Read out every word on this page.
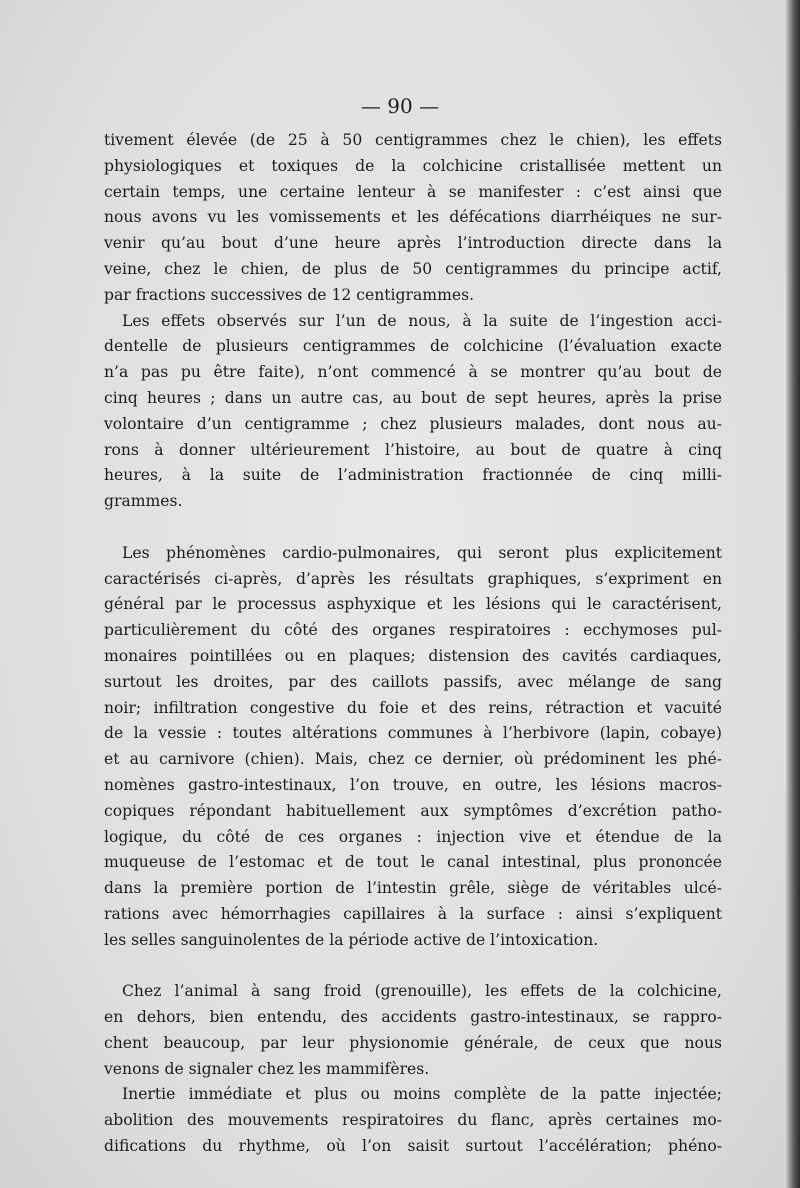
— 90 —
tivement élevée (de 25 à 50 centigrammes chez le chien), les effets
physiologiques et toxiques de la colchicine cristallisée mettent un
certain temps, une certaine lenteur à se manifester : c’est ainsi que
nous avons vu les vomissements et les défécations diarrhéiques ne sur-
venir qu’au bout d’une heure après l’introduction directe dans la
veine, chez le chien, de plus de 50 centigrammes du principe actif,
par fractions successives de 12 centigrammes.
Les effets observés sur l’un de nous, à la suite de l’ingestion acci-
dentelle de plusieurs centigrammes de colchicine (l’évaluation exacte
n’a pas pu être faite), n’ont commencé à se montrer qu’au bout de
cinq heures ; dans un autre cas, au bout de sept heures, après la prise
volontaire d’un centigramme ; chez plusieurs malades, dont nous au-
rons à donner ultérieurement l’histoire, au bout de quatre à cinq
heures, à la suite de l’administration fractionnée de cinq milli-
grammes.
Les phénomènes cardio-pulmonaires, qui seront plus explicitement
caractérisés ci-après, d’après les résultats graphiques, s’expriment en
général par le processus asphyxique et les lésions qui le caractérisent,
particulièrement du côté des organes respiratoires : ecchymoses pul-
monaires pointillées ou en plaques; distension des cavités cardiaques,
surtout les droites, par des caillots passifs, avec mélange de sang
noir; infiltration congestive du foie et des reins, rétraction et vacuité
de la vessie : toutes altérations communes à l’herbivore (lapin, cobaye)
et au carnivore (chien). Mais, chez ce dernier, où prédominent les phé-
nomènes gastro-intestinaux, l’on trouve, en outre, les lésions macros-
copiques répondant habituellement aux symptômes d’excrétion patho-
logique, du côté de ces organes : injection vive et étendue de la
muqueuse de l’estomac et de tout le canal intestinal, plus prononcée
dans la première portion de l’intestin grêle, siège de véritables ulcé-
rations avec hémorrhagies capillaires à la surface : ainsi s’expliquent
les selles sanguinolentes de la période active de l’intoxication.
Chez l’animal à sang froid (grenouille), les effets de la colchicine,
en dehors, bien entendu, des accidents gastro-intestinaux, se rappro-
chent beaucoup, par leur physionomie générale, de ceux que nous
venons de signaler chez les mammifères.
Inertie immédiate et plus ou moins complète de la patte injectée;
abolition des mouvements respiratoires du flanc, après certaines mo-
difications du rhythme, où l’on saisit surtout l’accélération; phéno-
